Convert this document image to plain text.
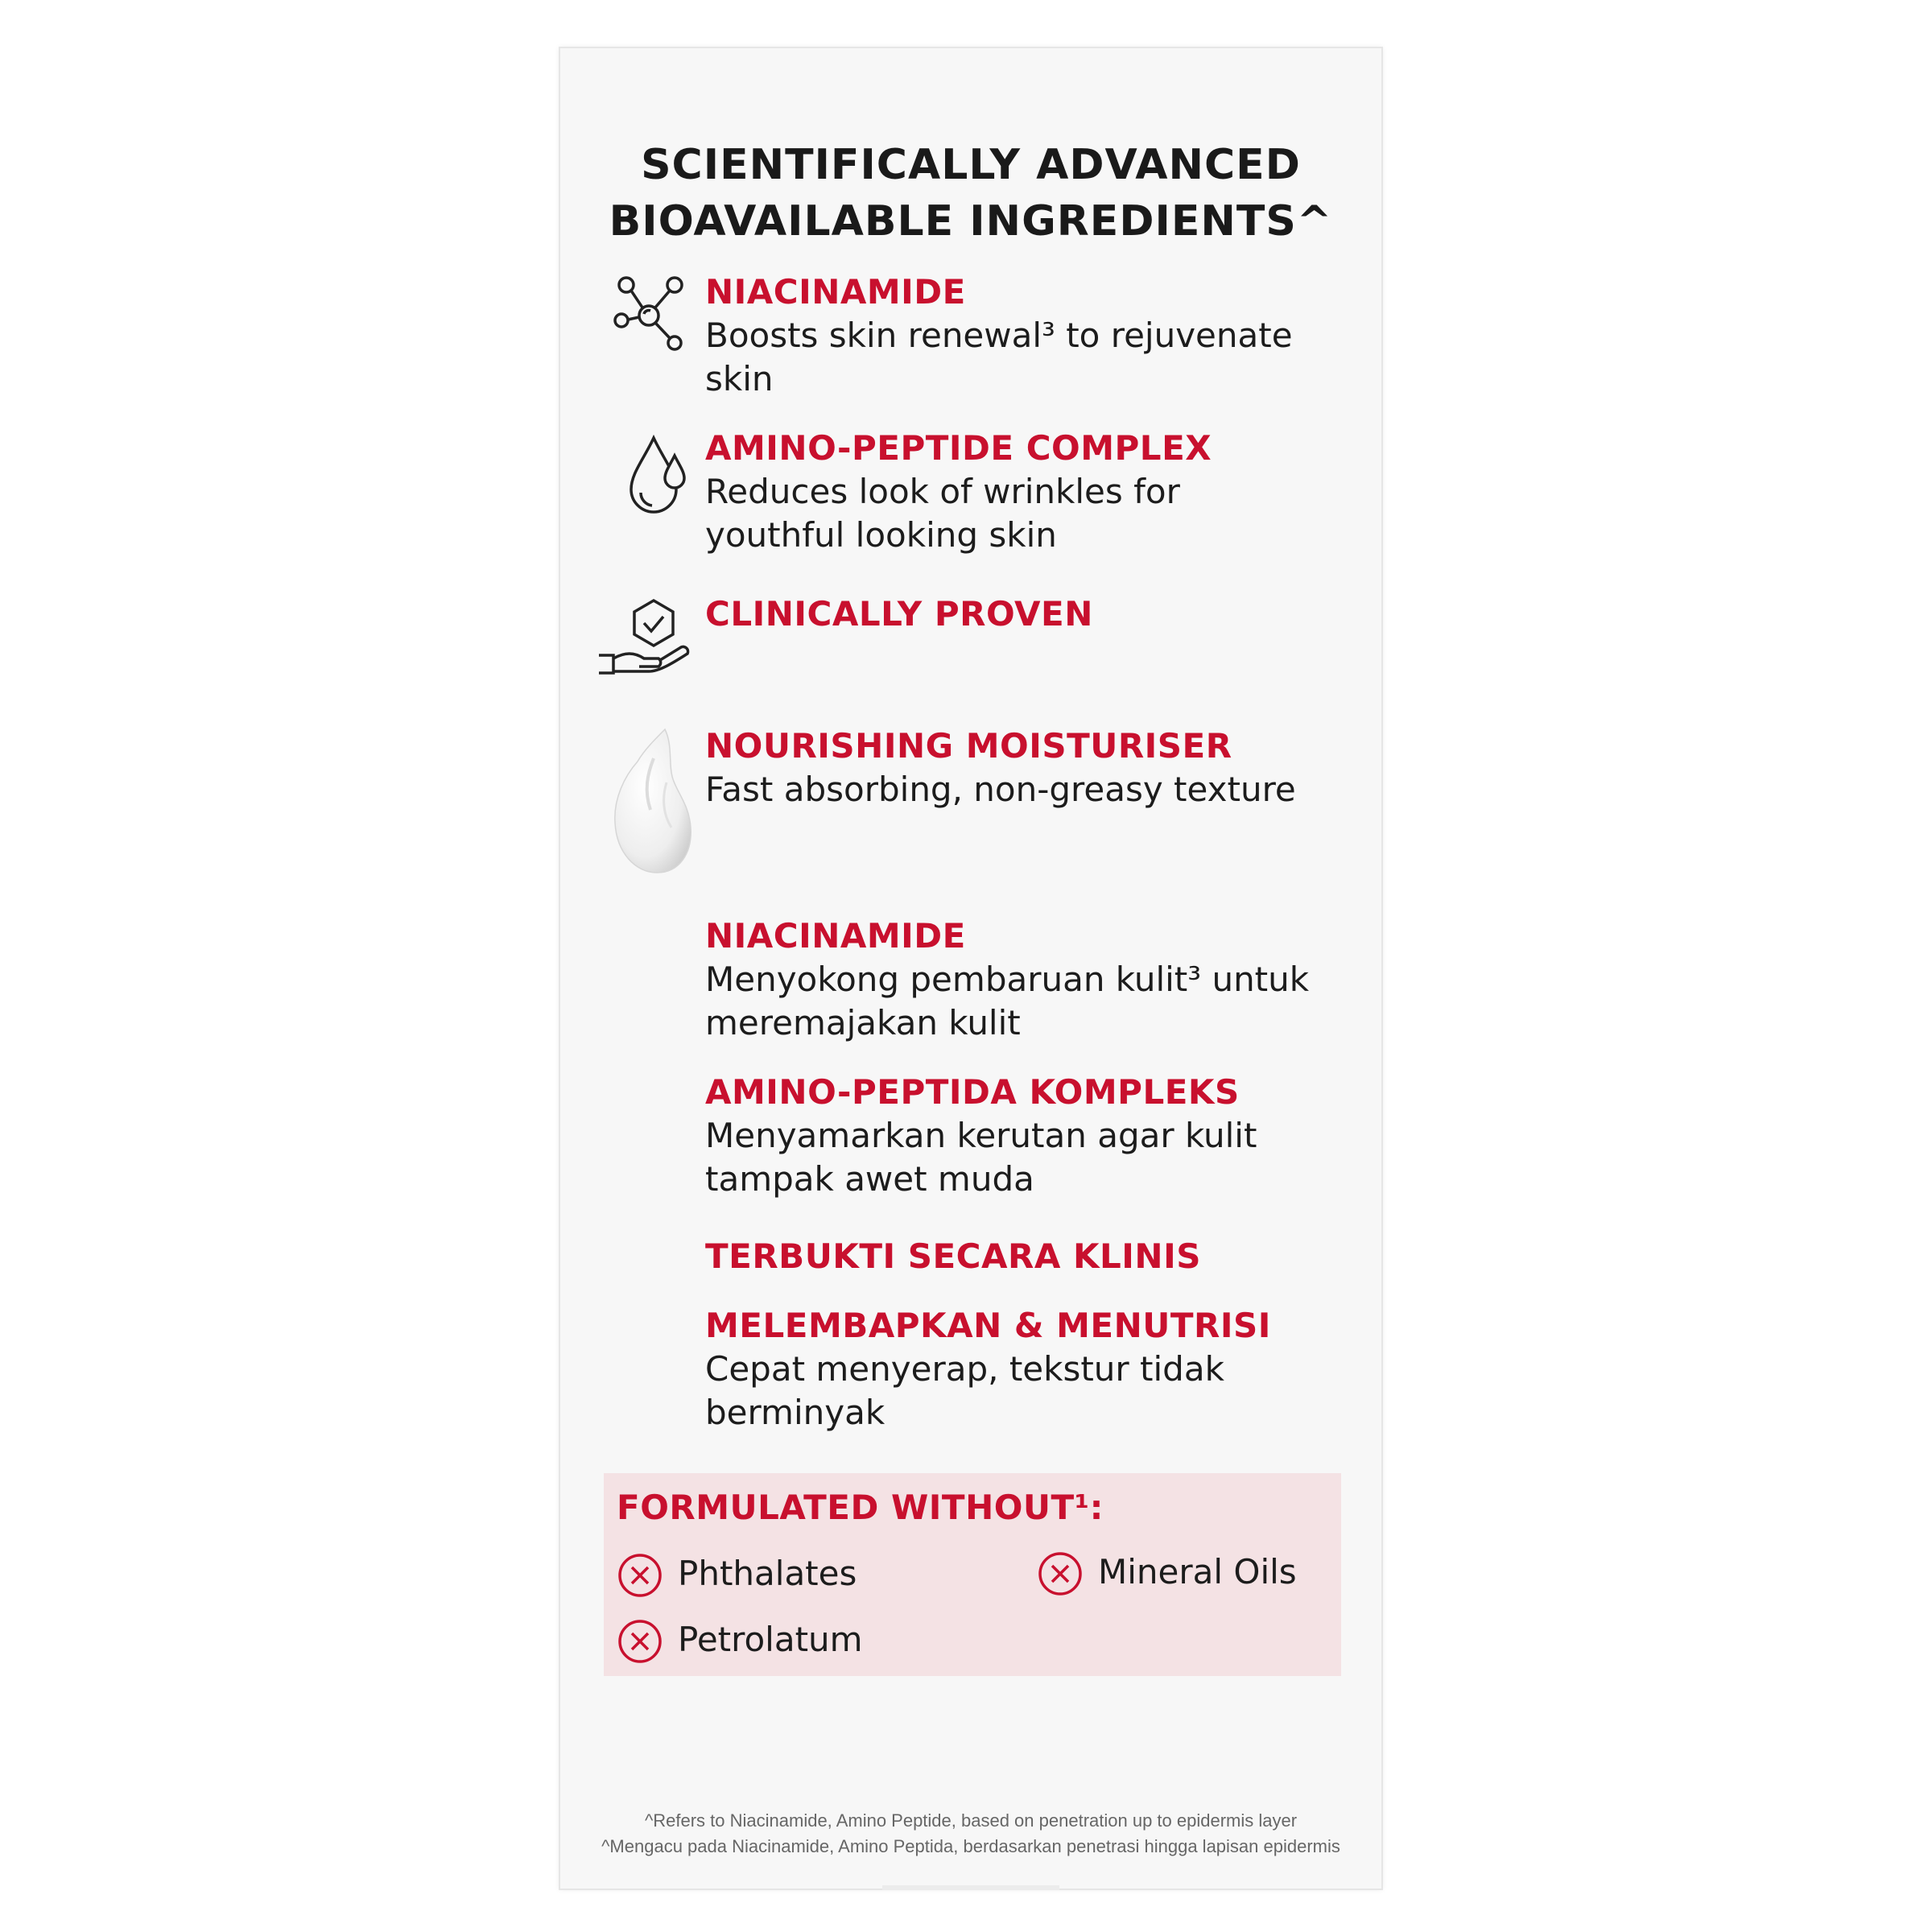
SCIENTIFICALLY ADVANCED
BIOAVAILABLE INGREDIENTS^
NIACINAMIDE
Boosts skin renewal³ to rejuvenate
skin
AMINO-PEPTIDE COMPLEX
Reduces look of wrinkles for
youthful looking skin
CLINICALLY PROVEN
NOURISHING MOISTURISER
Fast absorbing, non-greasy texture
NIACINAMIDE
Menyokong pembaruan kulit³ untuk
meremajakan kulit
AMINO-PEPTIDA KOMPLEKS
Menyamarkan kerutan agar kulit
tampak awet muda
TERBUKTI SECARA KLINIS
MELEMBAPKAN & MENUTRISI
Cepat menyerap, tekstur tidak
berminyak
FORMULATED WITHOUT¹:
Phthalates	Mineral Oils
Petrolatum
^Refers to Niacinamide, Amino Peptide, based on penetration up to epidermis layer
^Mengacu pada Niacinamide, Amino Peptida, berdasarkan penetrasi hingga lapisan epidermis
